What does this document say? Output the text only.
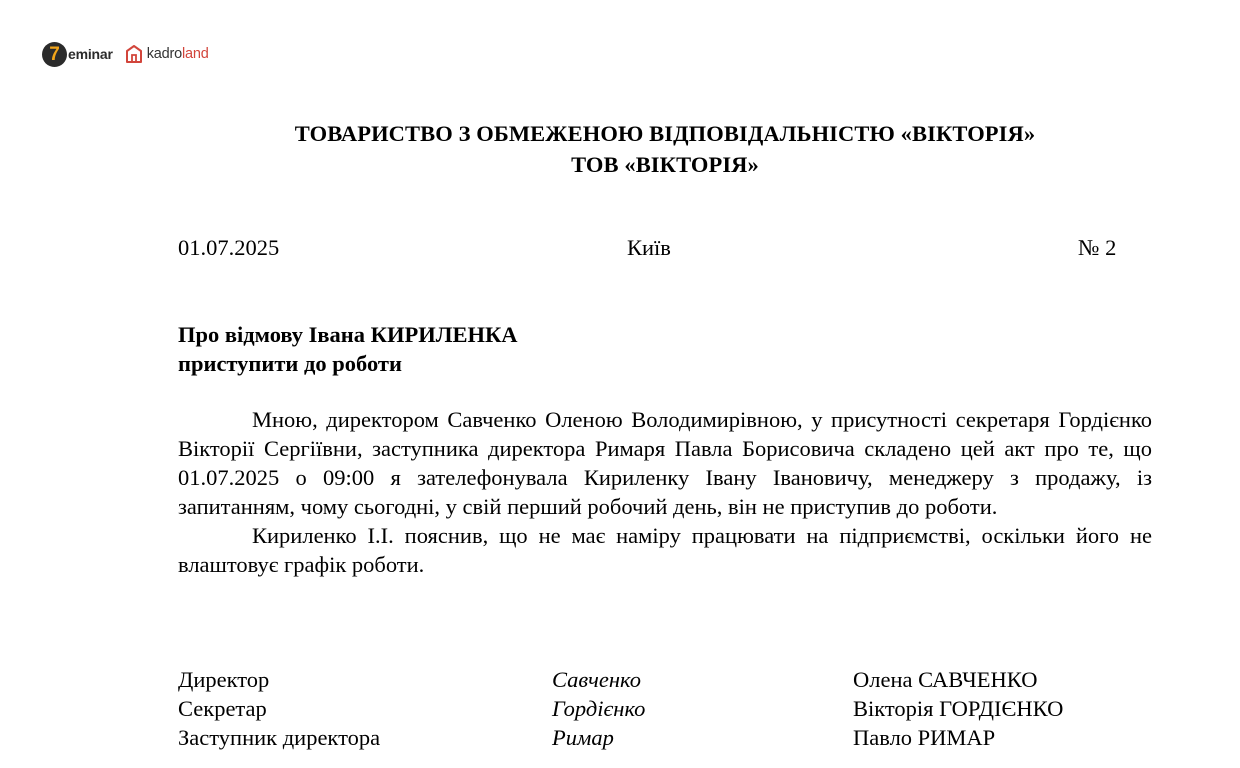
7 eminar kadroland
ТОВАРИСТВО З ОБМЕЖЕНОЮ ВІДПОВІДАЛЬНІСТЮ «ВІКТОРІЯ»
ТОВ «ВІКТОРІЯ»
01.07.2025	Київ	№ 2
Про відмову Івана КИРИЛЕНКА
приступити до роботи

Мною, директором Савченко Оленою Володимирівною, у присутності секретаря Гордієнко Вікторії Сергіївни, заступника директора Римаря Павла Борисовича складено цей акт про те, що 01.07.2025 о 09:00 я зателефонувала Кириленку Івану Івановичу, менеджеру з продажу, із запитанням, чому сьогодні, у свій перший робочий день, він не приступив до роботи.

Кириленко І.І. пояснив, що не має наміру працювати на підприємстві, оскільки його не влаштовує графік роботи.

Директор	Савченко	Олена САВЧЕНКО
Секретар	Гордієнко	Вікторія ГОРДІЄНКО
Заступник директора	Римар	Павло РИМАР
